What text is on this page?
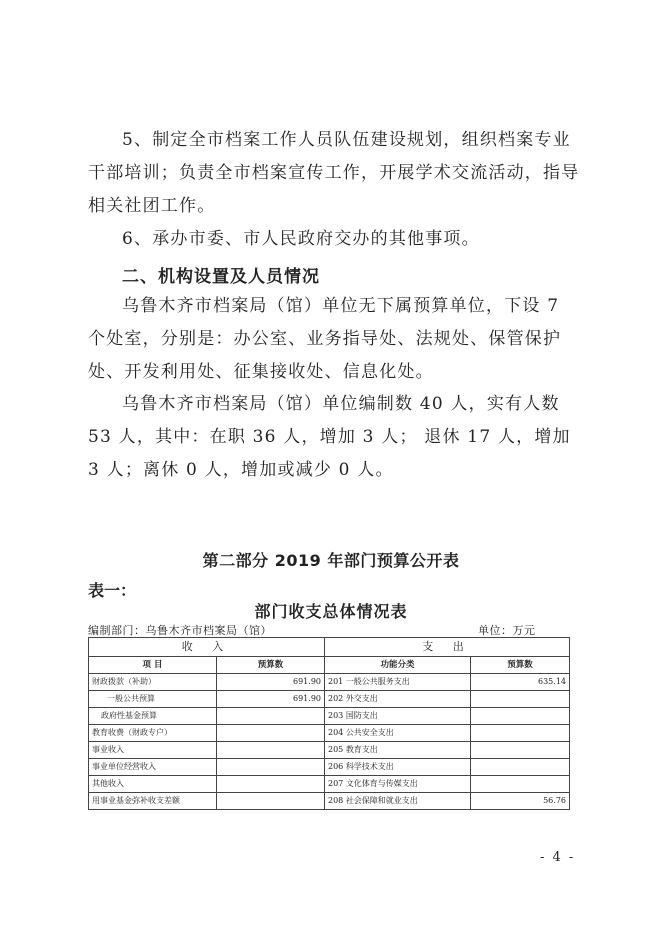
5、制定全市档案工作人员队伍建设规划，组织档案专业干部培训；负责全市档案宣传工作，开展学术交流活动，指导相关社团工作。

6、承办市委、市人民政府交办的其他事项。

二、机构设置及人员情况

乌鲁木齐市档案局（馆）单位无下属预算单位，下设 7 个处室，分别是：办公室、业务指导处、法规处、保管保护处、开发利用处、征集接收处、信息化处。

乌鲁木齐市档案局（馆）单位编制数 40 人，实有人数 53 人，其中：在职 36 人，增加 3 人； 退休 17 人，增加 3 人；离休 0 人，增加或减少 0 人。

第二部分 2019 年部门预算公开表
表一：
部门收支总体情况表
编制部门：乌鲁木齐市档案局（馆）	单位：万元
收 入		支 出	
项 目	预算数	功能分类	预算数
财政拨款（补助）	691.90	201 一般公共服务支出	635.14
一般公共预算	691.90	202 外交支出	
政府性基金预算		203 国防支出	
教育收费（财政专户）		204 公共安全支出	
事业收入		205 教育支出	
事业单位经营收入		206 科学技术支出	
其他收入		207 文化体育与传媒支出	
用事业基金弥补收支差额		208 社会保障和就业支出	56.76
- 4 -
